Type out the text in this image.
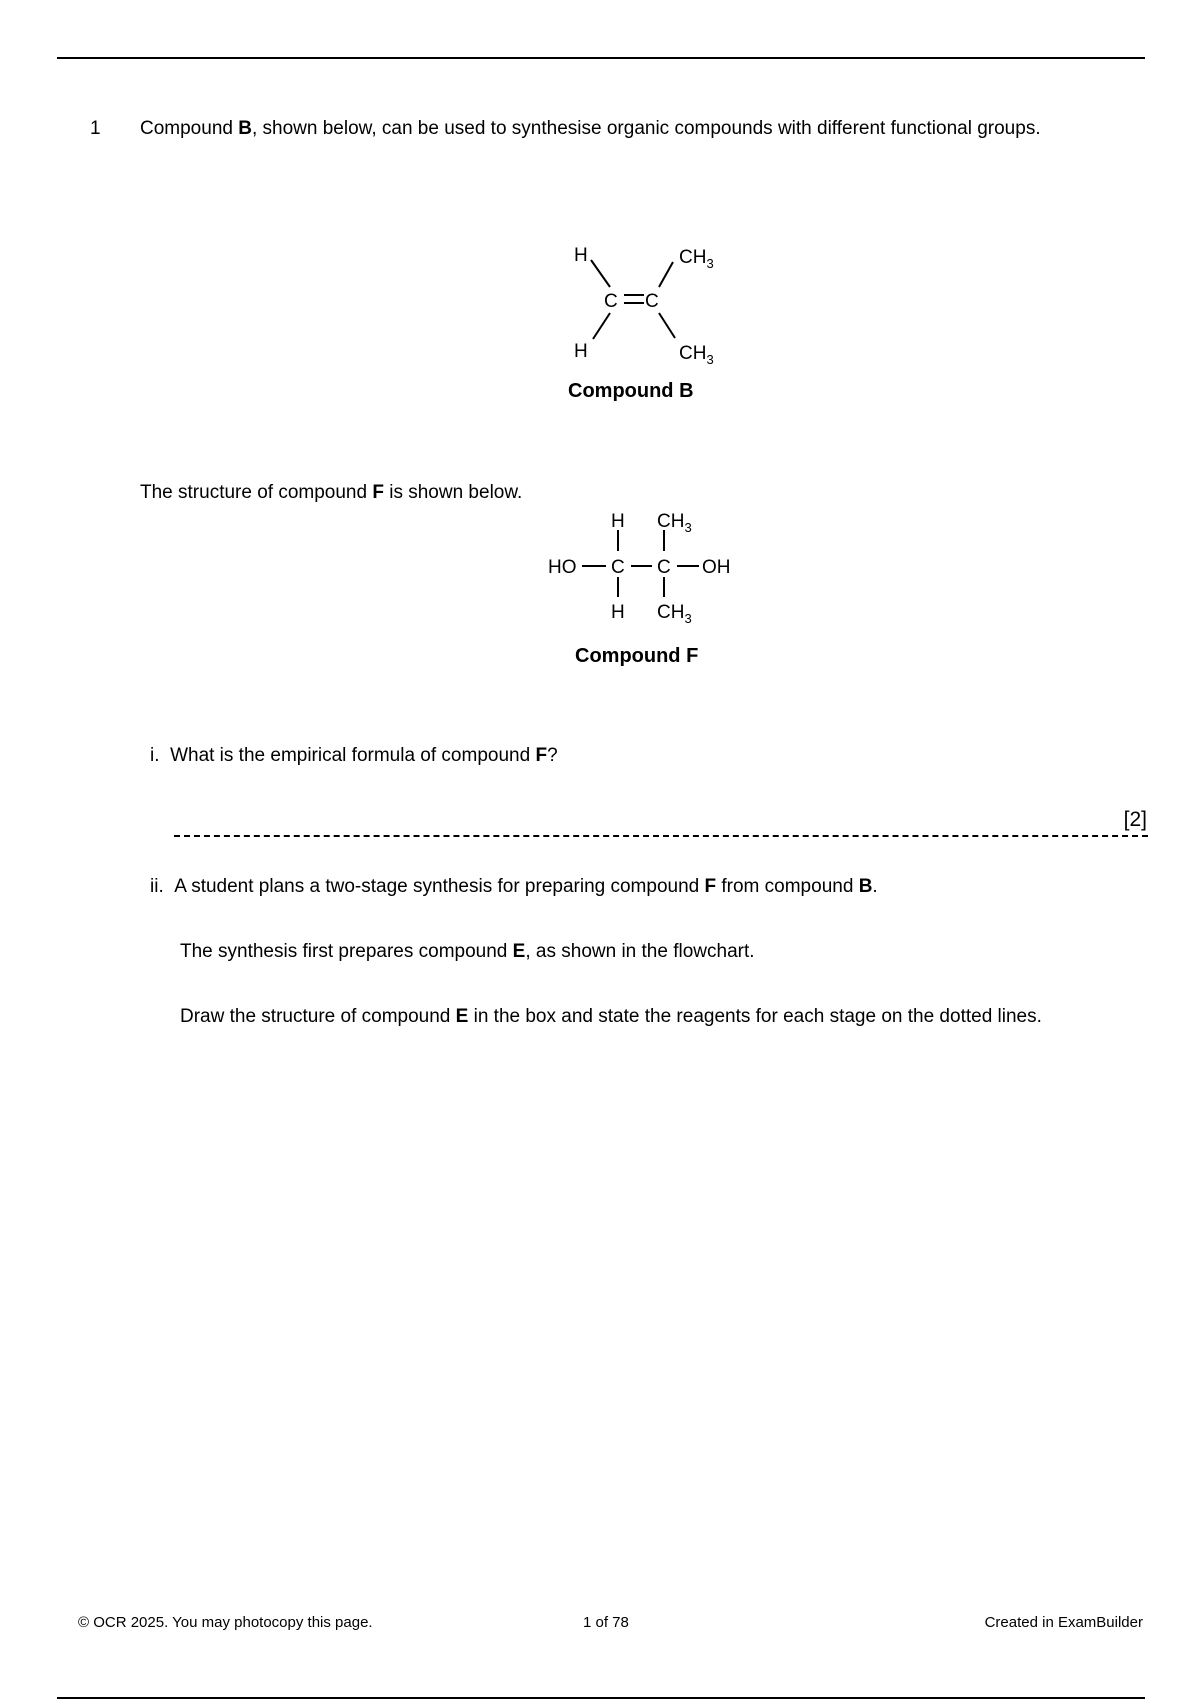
1 Compound B, shown below, can be used to synthesise organic compounds with different functional groups.
H
H
C C
$CH_3$
$CH_3$
Compound B
The structure of compound F is shown below.
HO C C OH
H
H
$CH_3$
$CH_3$
Compound F
i. What is the empirical formula of compound F?
[2]
ii. A student plans a two-stage synthesis for preparing compound F from compound B.
The synthesis first prepares compound E, as shown in the flowchart.
Draw the structure of compound E in the box and state the reagents for each stage on the dotted lines.
© OCR 2025. You may photocopy this page.	1 of 78	Created in ExamBuilder
